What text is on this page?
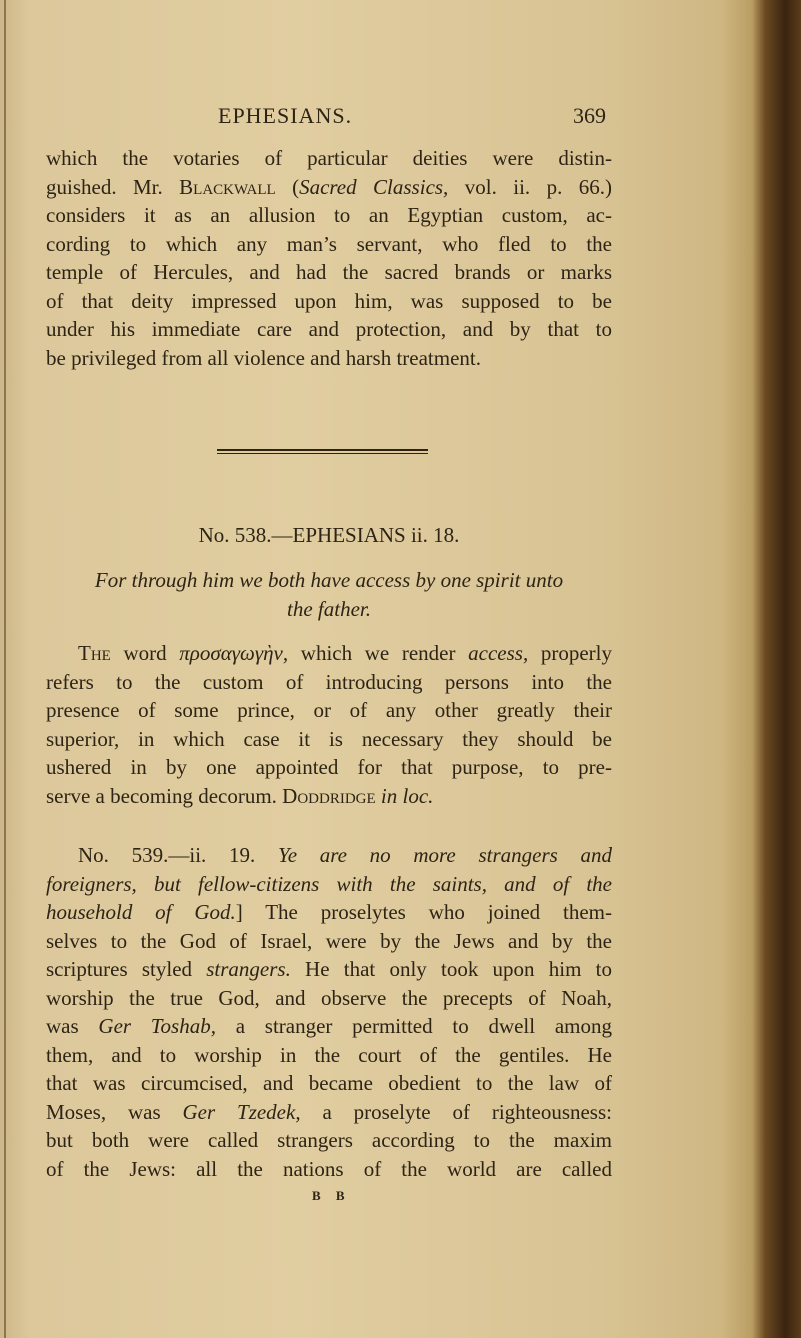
EPHESIANS.	369
which the votaries of particular deities were distin-
guished. Mr. Blackwall (Sacred Classics, vol. ii. p. 66.)
considers it as an allusion to an Egyptian custom, ac-
cording to which any man’s servant, who fled to the
temple of Hercules, and had the sacred brands or marks
of that deity impressed upon him, was supposed to be
under his immediate care and protection, and by that to
be privileged from all violence and harsh treatment.
No. 538.—EPHESIANS ii. 18.
For through him we both have access by one spirit unto
the father.
The word προσαγωγὴν, which we render access, properly
refers to the custom of introducing persons into the
presence of some prince, or of any other greatly their
superior, in which case it is necessary they should be
ushered in by one appointed for that purpose, to pre-
serve a becoming decorum. Doddridge in loc.
No. 539.—ii. 19. Ye are no more strangers and
foreigners, but fellow-citizens with the saints, and of the
household of God.] The proselytes who joined them-
selves to the God of Israel, were by the Jews and by the
scriptures styled strangers. He that only took upon him to
worship the true God, and observe the precepts of Noah,
was Ger Toshab, a stranger permitted to dwell among
them, and to worship in the court of the gentiles. He
that was circumcised, and became obedient to the law of
Moses, was Ger Tzedek, a proselyte of righteousness:
but both were called strangers according to the maxim
of the Jews: all the nations of the world are called
B B
